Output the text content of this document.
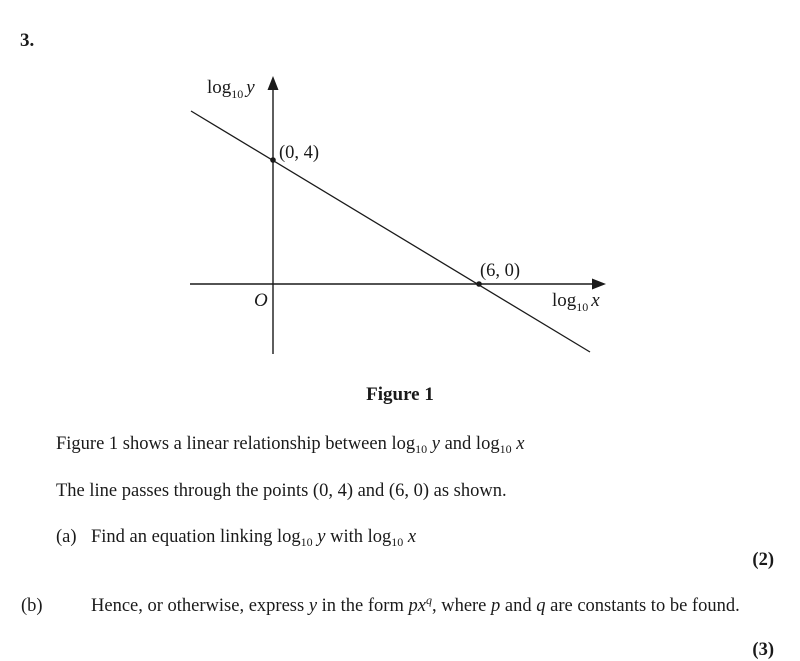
3.
$\log_{10} y$
(0, 4)
(6, 0)
O	$\log_{10} x$
Figure 1
Figure 1 shows a linear relationship between $\log_{10} y$ and $\log_{10} x$
The line passes through the points (0, 4) and (6, 0) as shown.
(a) Find an equation linking $\log_{10} y$ with $\log_{10} x$
(2)
(b)	Hence, or otherwise, express y in the form $px^q$, where p and q are constants to be found.
(3)
